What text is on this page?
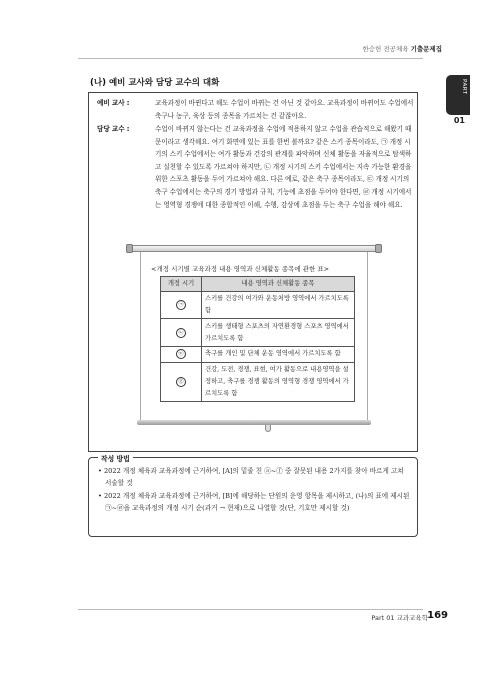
한승헌 전공체육 기출문제집
PART
01
(나) 예비 교사와 담당 교수의 대화
예비 교사 :	교육과정이 바뀐다고 해도 수업이 바뀌는 건 아닌 것 같아요. 교육과정이 바뀌어도 수업에서 축구나 농구, 육상 등의 종목을 가르치는 건 같잖아요.
담당 교수 :	수업이 바뀌지 않는다는 건 교육과정을 수업에 적용하지 않고 수업을 관습적으로 해왔기 때문이라고 생각해요. 여기 화면에 있는 표를 한번 볼까요? 같은 스키 종목이라도, ㉠ 개정 시기의 스키 수업에서는 여가 활동과 건강의 관계를 파악하며 신체 활동을 자율적으로 탐색하고 실천할 수 있도록 가르쳐야 하지만, ㉡ 개정 시기의 스키 수업에서는 지속 가능한 환경을 위한 스포츠 활동을 두어 가르쳐야 해요. 다른 예로, 같은 축구 종목이라도, ㉢ 개정 시기의 축구 수업에서는 축구의 경기 방법과 규칙, 기능에 초점을 두어야 한다면, ㉣ 개정 시기에서는 영역형 경쟁에 대한 종합적인 이해, 수행, 감상에 초점을 두는 축구 수업을 해야 해요.
<개정 시기별 교육과정 내용 영역과 신체활동 종목에 관한 표>
개정 시기	내용 영역과 신체활동 종목
㉠	스키를 건강의 여가와 운동처방 영역에서 가르치도록 함
㉡	스키를 생태형 스포츠의 자연환경형 스포츠 영역에서 가르치도록 함
㉢	축구를 개인 및 단체 운동 영역에서 가르치도록 함
㉣	건강, 도전, 경쟁, 표현, 여가 활동으로 내용영역을 설정하고, 축구를 경쟁 활동의 영역형 경쟁 영역에서 가르치도록 함
작성 방법
• 2022 개정 체육과 교육과정에 근거하여, [A]의 밑줄 친 ⓐ~ⓕ 중 잘못된 내용 2가지를 찾아 바르게 고쳐 서술할 것
• 2022 개정 체육과 교육과정에 근거하여, [B]에 해당하는 단원의 운영 항목을 제시하고, (나)의 표에 제시된 ㉠~㉣을 교육과정의 개정 시기 순(과거 → 현재)으로 나열할 것(단, 기호만 제시할 것)
Part 01 교과교육학 169
